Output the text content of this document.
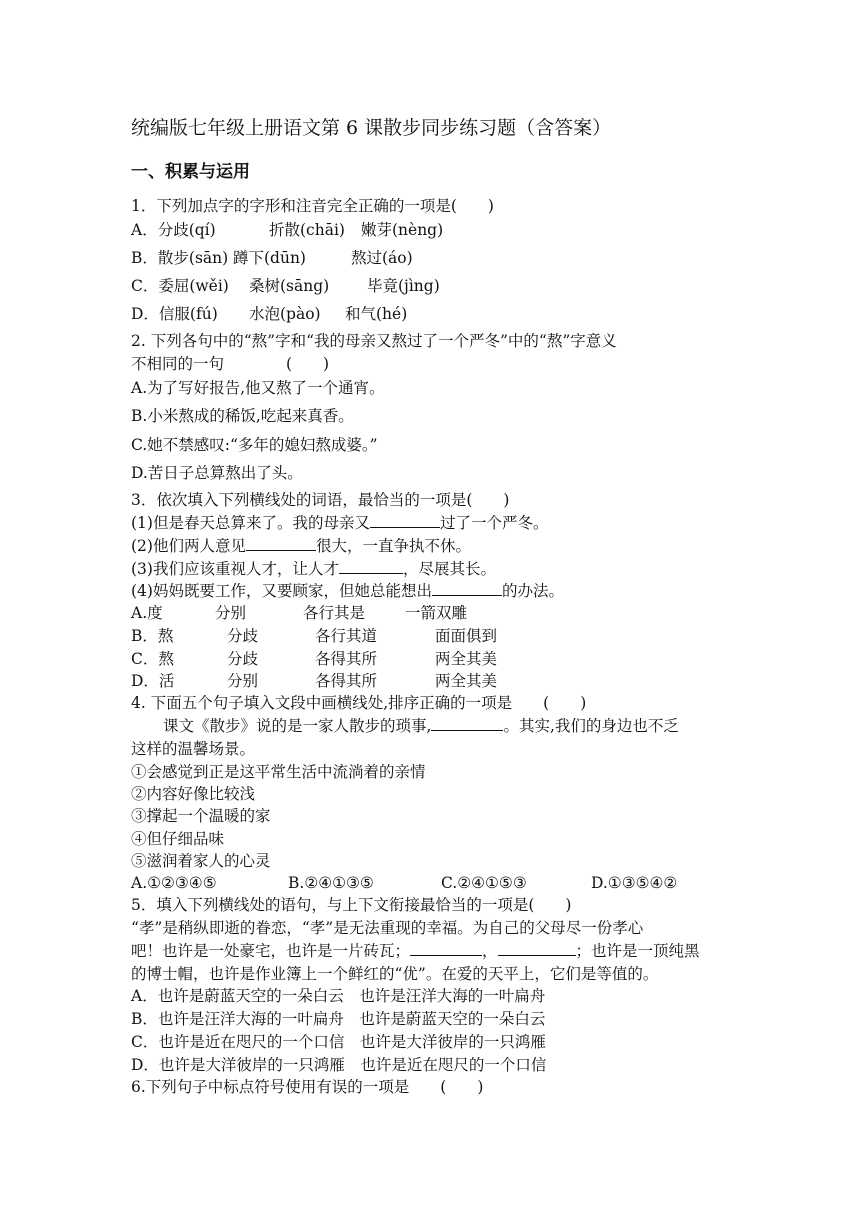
统编版七年级上册语文第 6 课散步同步练习题（含答案）
一、积累与运用
1．下列加点字的字形和注音完全正确的一项是(　　)
A．分歧(qí)	折散(chāi) 嫩芽(nèng)
B．散步(sān) 蹲下(dūn)	熬过(áo)
C．委屈(wěi) 桑树(sāng) 毕竟(jìng)
D．信服(fú) 水泡(pào) 和气(hé)
2. 下列各句中的“熬”字和“我的母亲又熬过了一个严冬”中的“熬”字意义
不相同的一句　　　　(　　)
A.为了写好报告,他又熬了一个通宵。
B.小米熬成的稀饭,吃起来真香。
C.她不禁感叹:“多年的媳妇熬成婆。”
D.苦日子总算熬出了头。
3．依次填入下列横线处的词语，最恰当的一项是(　　)
(1)但是春天总算来了。我的母亲又	过了一个严冬。
(2)他们两人意见	很大，一直争执不休。
(3)我们应该重视人才，让人才	，尽展其长。
(4)妈妈既要工作，又要顾家，但她总能想出	的办法。
A.度	分别	各行其是	一箭双雕
B．熬	分歧	各行其道	面面俱到
C．熬	分歧	各得其所	两全其美
D．活	分别	各得其所	两全其美
4. 下面五个句子填入文段中画横线处,排序正确的一项是　　(　　)
课文《散步》说的是一家人散步的琐事,	。其实,我们的身边也不乏
这样的温馨场景。
①会感觉到正是这平常生活中流淌着的亲情
②内容好像比较浅
③撑起一个温暖的家
④但仔细品味
⑤滋润着家人的心灵
A.①②③④⑤	B.②④①③⑤	C.②④①⑤③	D.①③⑤④②
5．填入下列横线处的语句，与上下文衔接最恰当的一项是(　　)
“孝”是稍纵即逝的眷恋，“孝”是无法重现的幸福。为自己的父母尽一份孝心
吧！也许是一处豪宅，也许是一片砖瓦；	，	；也许是一顶纯黑
的博士帽，也许是作业簿上一个鲜红的“优”。在爱的天平上，它们是等值的。
A．也许是蔚蓝天空的一朵白云　也许是汪洋大海的一叶扁舟
B．也许是汪洋大海的一叶扁舟　也许是蔚蓝天空的一朵白云
C．也许是近在咫尺的一个口信　也许是大洋彼岸的一只鸿雁
D．也许是大洋彼岸的一只鸿雁　也许是近在咫尺的一个口信
6.下列句子中标点符号使用有误的一项是　　(　　)
